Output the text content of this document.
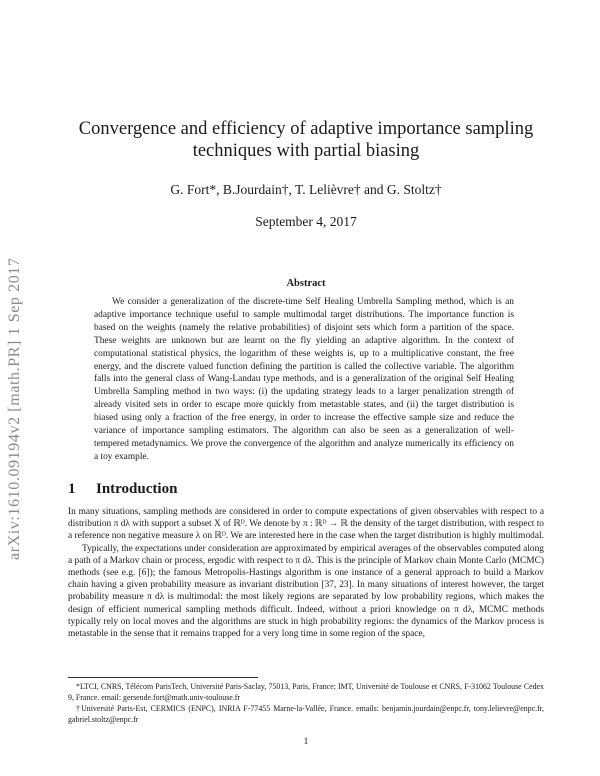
arXiv:1610.09194v2 [math.PR] 1 Sep 2017
Convergence and efficiency of adaptive importance sampling techniques with partial biasing
G. Fort*, B.Jourdain†, T. Lelièvre† and G. Stoltz†
September 4, 2017
Abstract

We consider a generalization of the discrete-time Self Healing Umbrella Sampling method, which is an adaptive importance technique useful to sample multimodal target distributions. The importance function is based on the weights (namely the relative probabilities) of disjoint sets which form a partition of the space. These weights are unknown but are learnt on the fly yielding an adaptive algorithm. In the context of computational statistical physics, the logarithm of these weights is, up to a multiplicative constant, the free energy, and the discrete valued function defining the partition is called the collective variable. The algorithm falls into the general class of Wang-Landau type methods, and is a generalization of the original Self Healing Umbrella Sampling method in two ways: (i) the updating strategy leads to a larger penalization strength of already visited sets in order to escape more quickly from metastable states, and (ii) the target distribution is biased using only a fraction of the free energy, in order to increase the effective sample size and reduce the variance of importance sampling estimators. The algorithm can also be seen as a generalization of well-tempered metadynamics. We prove the convergence of the algorithm and analyze numerically its efficiency on a toy example.

1 Introduction

In many situations, sampling methods are considered in order to compute expectations of given observables with respect to a distribution π dλ with support a subset X of ℝᴰ. We denote by π : ℝᴰ → ℝ the density of the target distribution, with respect to a reference non negative measure λ on ℝᴰ. We are interested here in the case when the target distribution is highly multimodal.

Typically, the expectations under consideration are approximated by empirical averages of the observables computed along a path of a Markov chain or process, ergodic with respect to π dλ. This is the principle of Markov chain Monte Carlo (MCMC) methods (see e.g. [6]); the famous Metropolis-Hastings algorithm is one instance of a general approach to build a Markov chain having a given probability measure as invariant distribution [37, 23]. In many situations of interest however, the target probability measure π dλ is multimodal: the most likely regions are separated by low probability regions, which makes the design of efficient numerical sampling methods difficult. Indeed, without a priori knowledge on π dλ, MCMC methods typically rely on local moves and the algorithms are stuck in high probability regions: the dynamics of the Markov process is metastable in the sense that it remains trapped for a very long time in some region of the space,

*LTCI, CNRS, Télécom ParisTech, Université Paris-Saclay, 75013, Paris, France; IMT, Université de Toulouse et CNRS, F-31062 Toulouse Cedex 9, France. email: gersende.fort@math.univ-toulouse.fr

†Université Paris-Est, CERMICS (ENPC), INRIA F-77455 Marne-la-Vallée, France. emails: benjamin.jourdain@enpc.fr, tony.lelievre@enpc.fr, gabriel.stoltz@enpc.fr

1
